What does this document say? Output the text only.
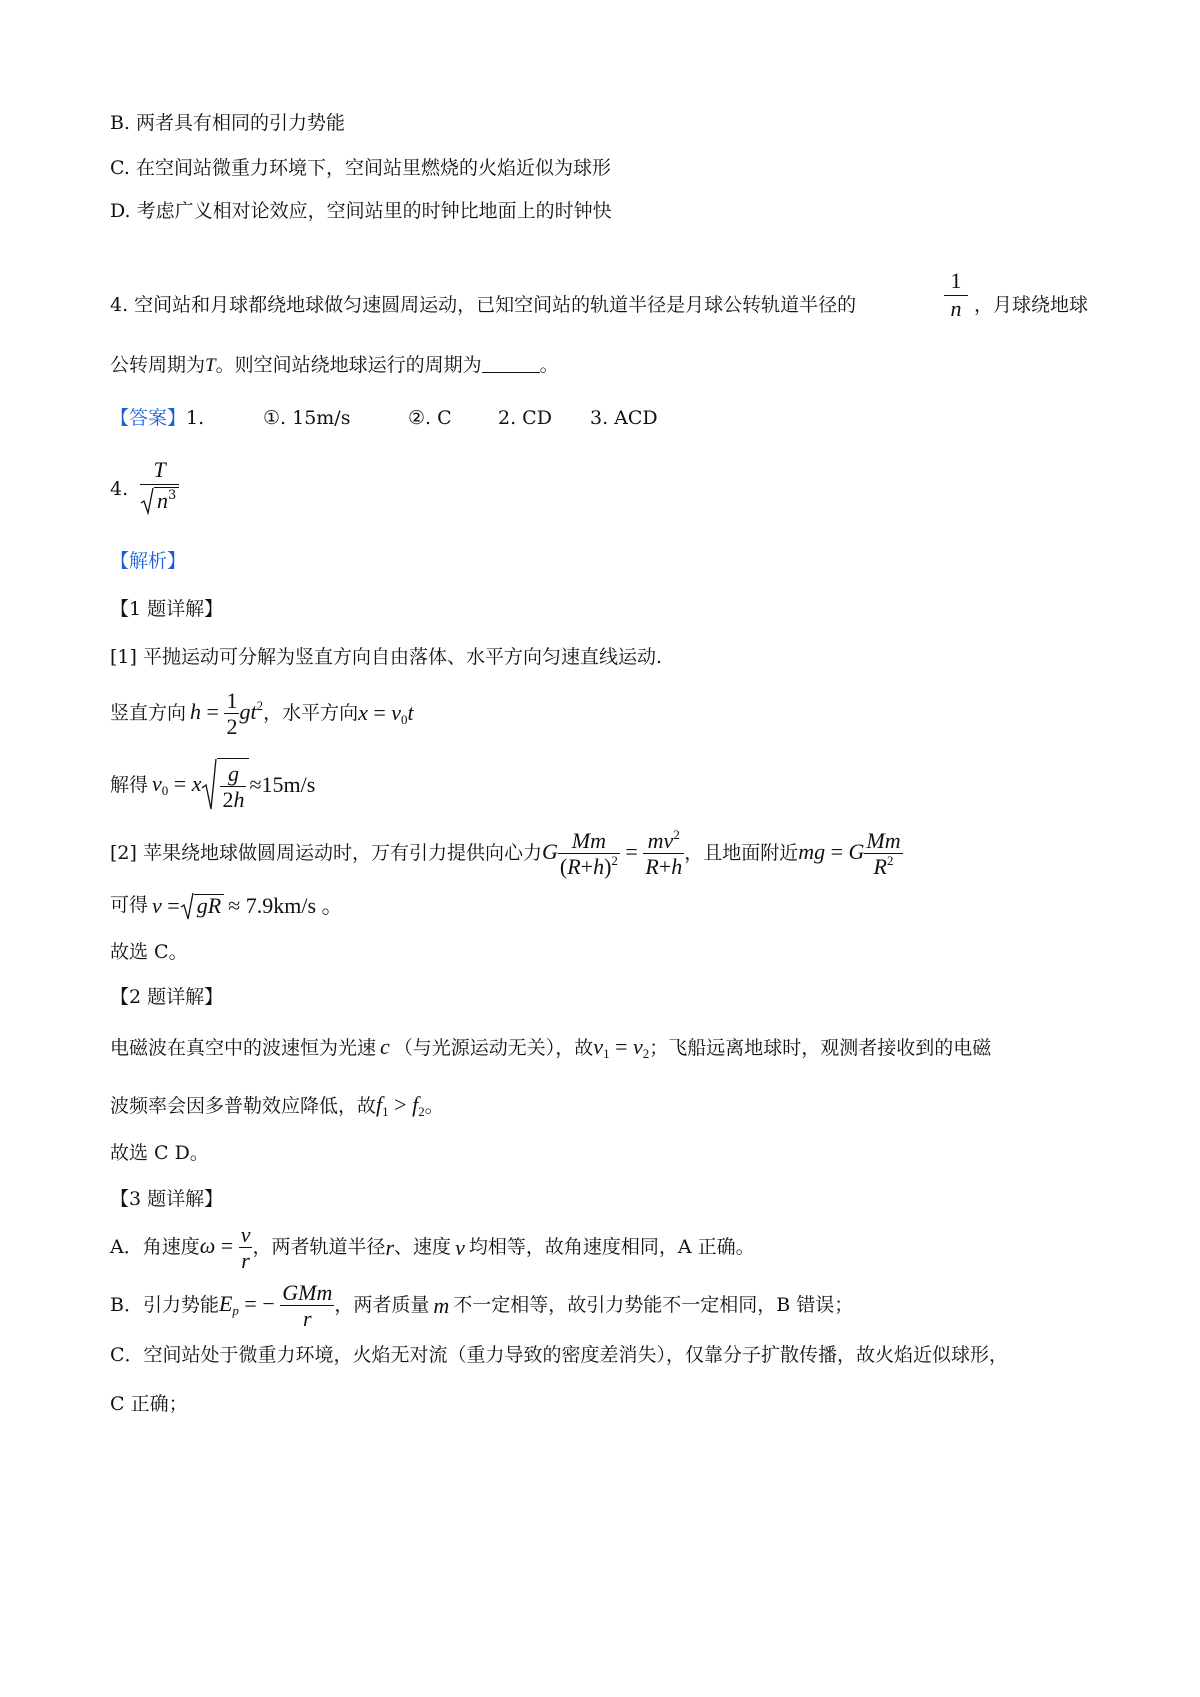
B. 两者具有相同的引力势能
C. 在空间站微重力环境下，空间站里燃烧的火焰近似为球形
D. 考虑广义相对论效应，空间站里的时钟比地面上的时钟快
4. 空间站和月球都绕地球做匀速圆周运动，已知空间站的轨道半径是月球公转轨道半径的	$\frac{1}{n}$ ，月球绕地球
公转周期为T。则空间站绕地球运行的周期为	。
【答案】1.	①. 15m/s	②. C 2. CD 3. ACD
4. $\frac{T}{n^3}$
【解析】
【1 题详解】
[1] 平抛运动可分解为竖直方向自由落体、水平方向匀速直线运动.
竖直方向 $h = \frac{1}{2} gt^2$ ，水平方向 $x = v_0t$
解得 $v_0 = x \frac{g}{2h} \approx 15m/s$
[2] 苹果绕地球做圆周运动时，万有引力提供向心力 G $\frac{Mm}{(R+h)^2} = \frac{mv^2}{R+h}$ ，且地面附近 mg = G $\frac{Mm}{R^2}$
可得 v = gR ≈ 7.9km/s 。
故选 C。
【2 题详解】
电磁波在真空中的波速恒为光速 c （与光源运动无关），故$v_1 = v_2$；飞船远离地球时，观测者接收到的电磁
波频率会因多普勒效应降低，故$f_1 > f_2$。
故选 C D。
【3 题详解】
A．角速度 $\omega = \frac{v}{r}$ ，两者轨道半径 r 、速度 v 均相等，故角速度相同，A 正确。
B．引力势能 $E_p$ = − $\frac{\text{GMm}}{r}$ ，两者质量 m 不一定相等，故引力势能不一定相同，B 错误；
C．空间站处于微重力环境，火焰无对流（重力导致的密度差消失），仅靠分子扩散传播，故火焰近似球形，
C 正确；
